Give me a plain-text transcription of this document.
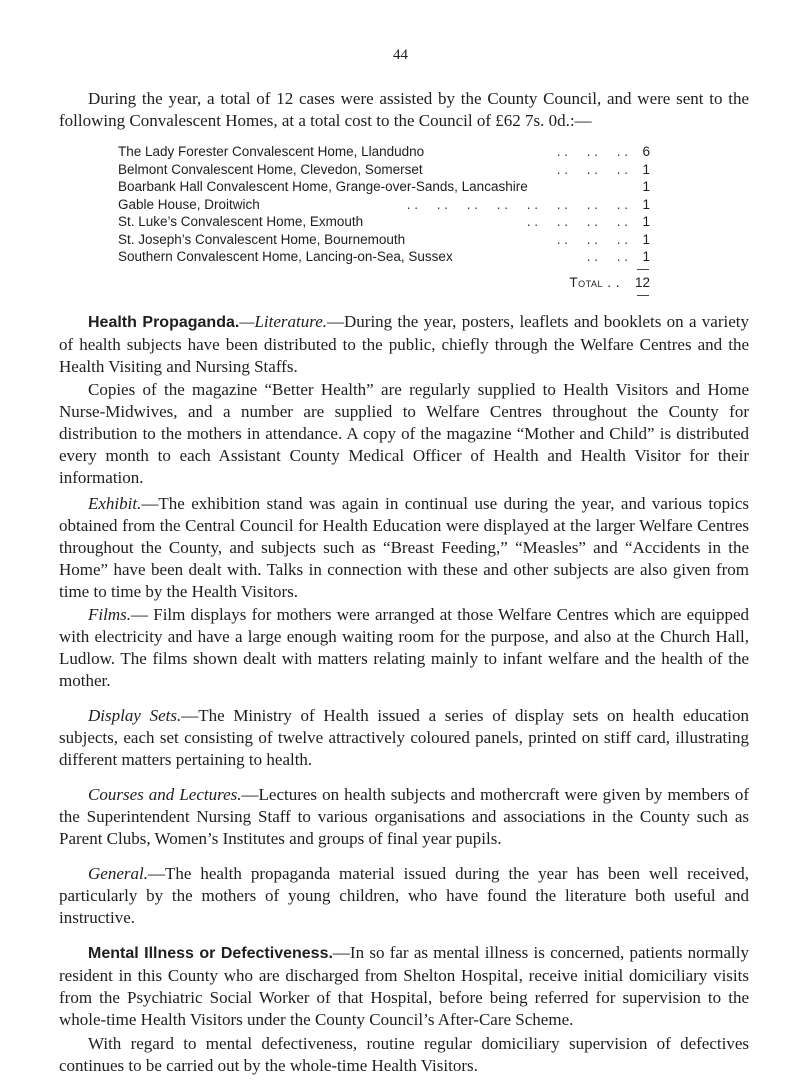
44

During the year, a total of 12 cases were assisted by the County Council, and were sent to the following Convalescent Homes, at a total cost to the Council of £62 7s. 0d.:—

The Lady Forester Convalescent Home, Llandudno	. .     . .     . .	6
Belmont Convalescent Home, Clevedon, Somerset	. .     . .     . .	1
Boarbank Hall Convalescent Home, Grange-over-Sands, Lancashire	1
Gable House, Droitwich	. .     . .     . .     . .     . .     . .     . .     . .	1
St. Luke’s Convalescent Home, Exmouth	. .     . .     . .     . .	1
St. Joseph’s Convalescent Home, Bournemouth	. .     . .     . .	1
Southern Convalescent Home, Lancing-on-Sea, Sussex	. .     . .	1
Total . . 12

Health Propaganda.—Literature.—During the year, posters, leaflets and booklets on a variety of health subjects have been distributed to the public, chiefly through the Welfare Centres and the Health Visiting and Nursing Staffs.

Copies of the magazine “Better Health” are regularly supplied to Health Visitors and Home Nurse-Midwives, and a number are supplied to Welfare Centres throughout the County for distribution to the mothers in attendance. A copy of the magazine “Mother and Child” is distributed every month to each Assistant County Medical Officer of Health and Health Visitor for their information.

Exhibit.—The exhibition stand was again in continual use during the year, and various topics obtained from the Central Council for Health Education were displayed at the larger Welfare Centres throughout the County, and subjects such as “Breast Feeding,” “Measles” and “Accidents in the Home” have been dealt with. Talks in connection with these and other subjects are also given from time to time by the Health Visitors.

Films.— Film displays for mothers were arranged at those Welfare Centres which are equipped with electricity and have a large enough waiting room for the purpose, and also at the Church Hall, Ludlow. The films shown dealt with matters relating mainly to infant welfare and the health of the mother.

Display Sets.—The Ministry of Health issued a series of display sets on health education subjects, each set consisting of twelve attractively coloured panels, printed on stiff card, illustrating different matters pertaining to health.

Courses and Lectures.—Lectures on health subjects and mothercraft were given by members of the Superintendent Nursing Staff to various organisations and associations in the County such as Parent Clubs, Women’s Institutes and groups of final year pupils.

General.—The health propaganda material issued during the year has been well received, particularly by the mothers of young children, who have found the literature both useful and instructive.

Mental Illness or Defectiveness.—In so far as mental illness is concerned, patients normally resident in this County who are discharged from Shelton Hospital, receive initial domiciliary visits from the Psychiatric Social Worker of that Hospital, before being referred for supervision to the whole-time Health Visitors under the County Council’s After-Care Scheme.

With regard to mental defectiveness, routine regular domiciliary supervision of defectives continues to be carried out by the whole-time Health Visitors.
